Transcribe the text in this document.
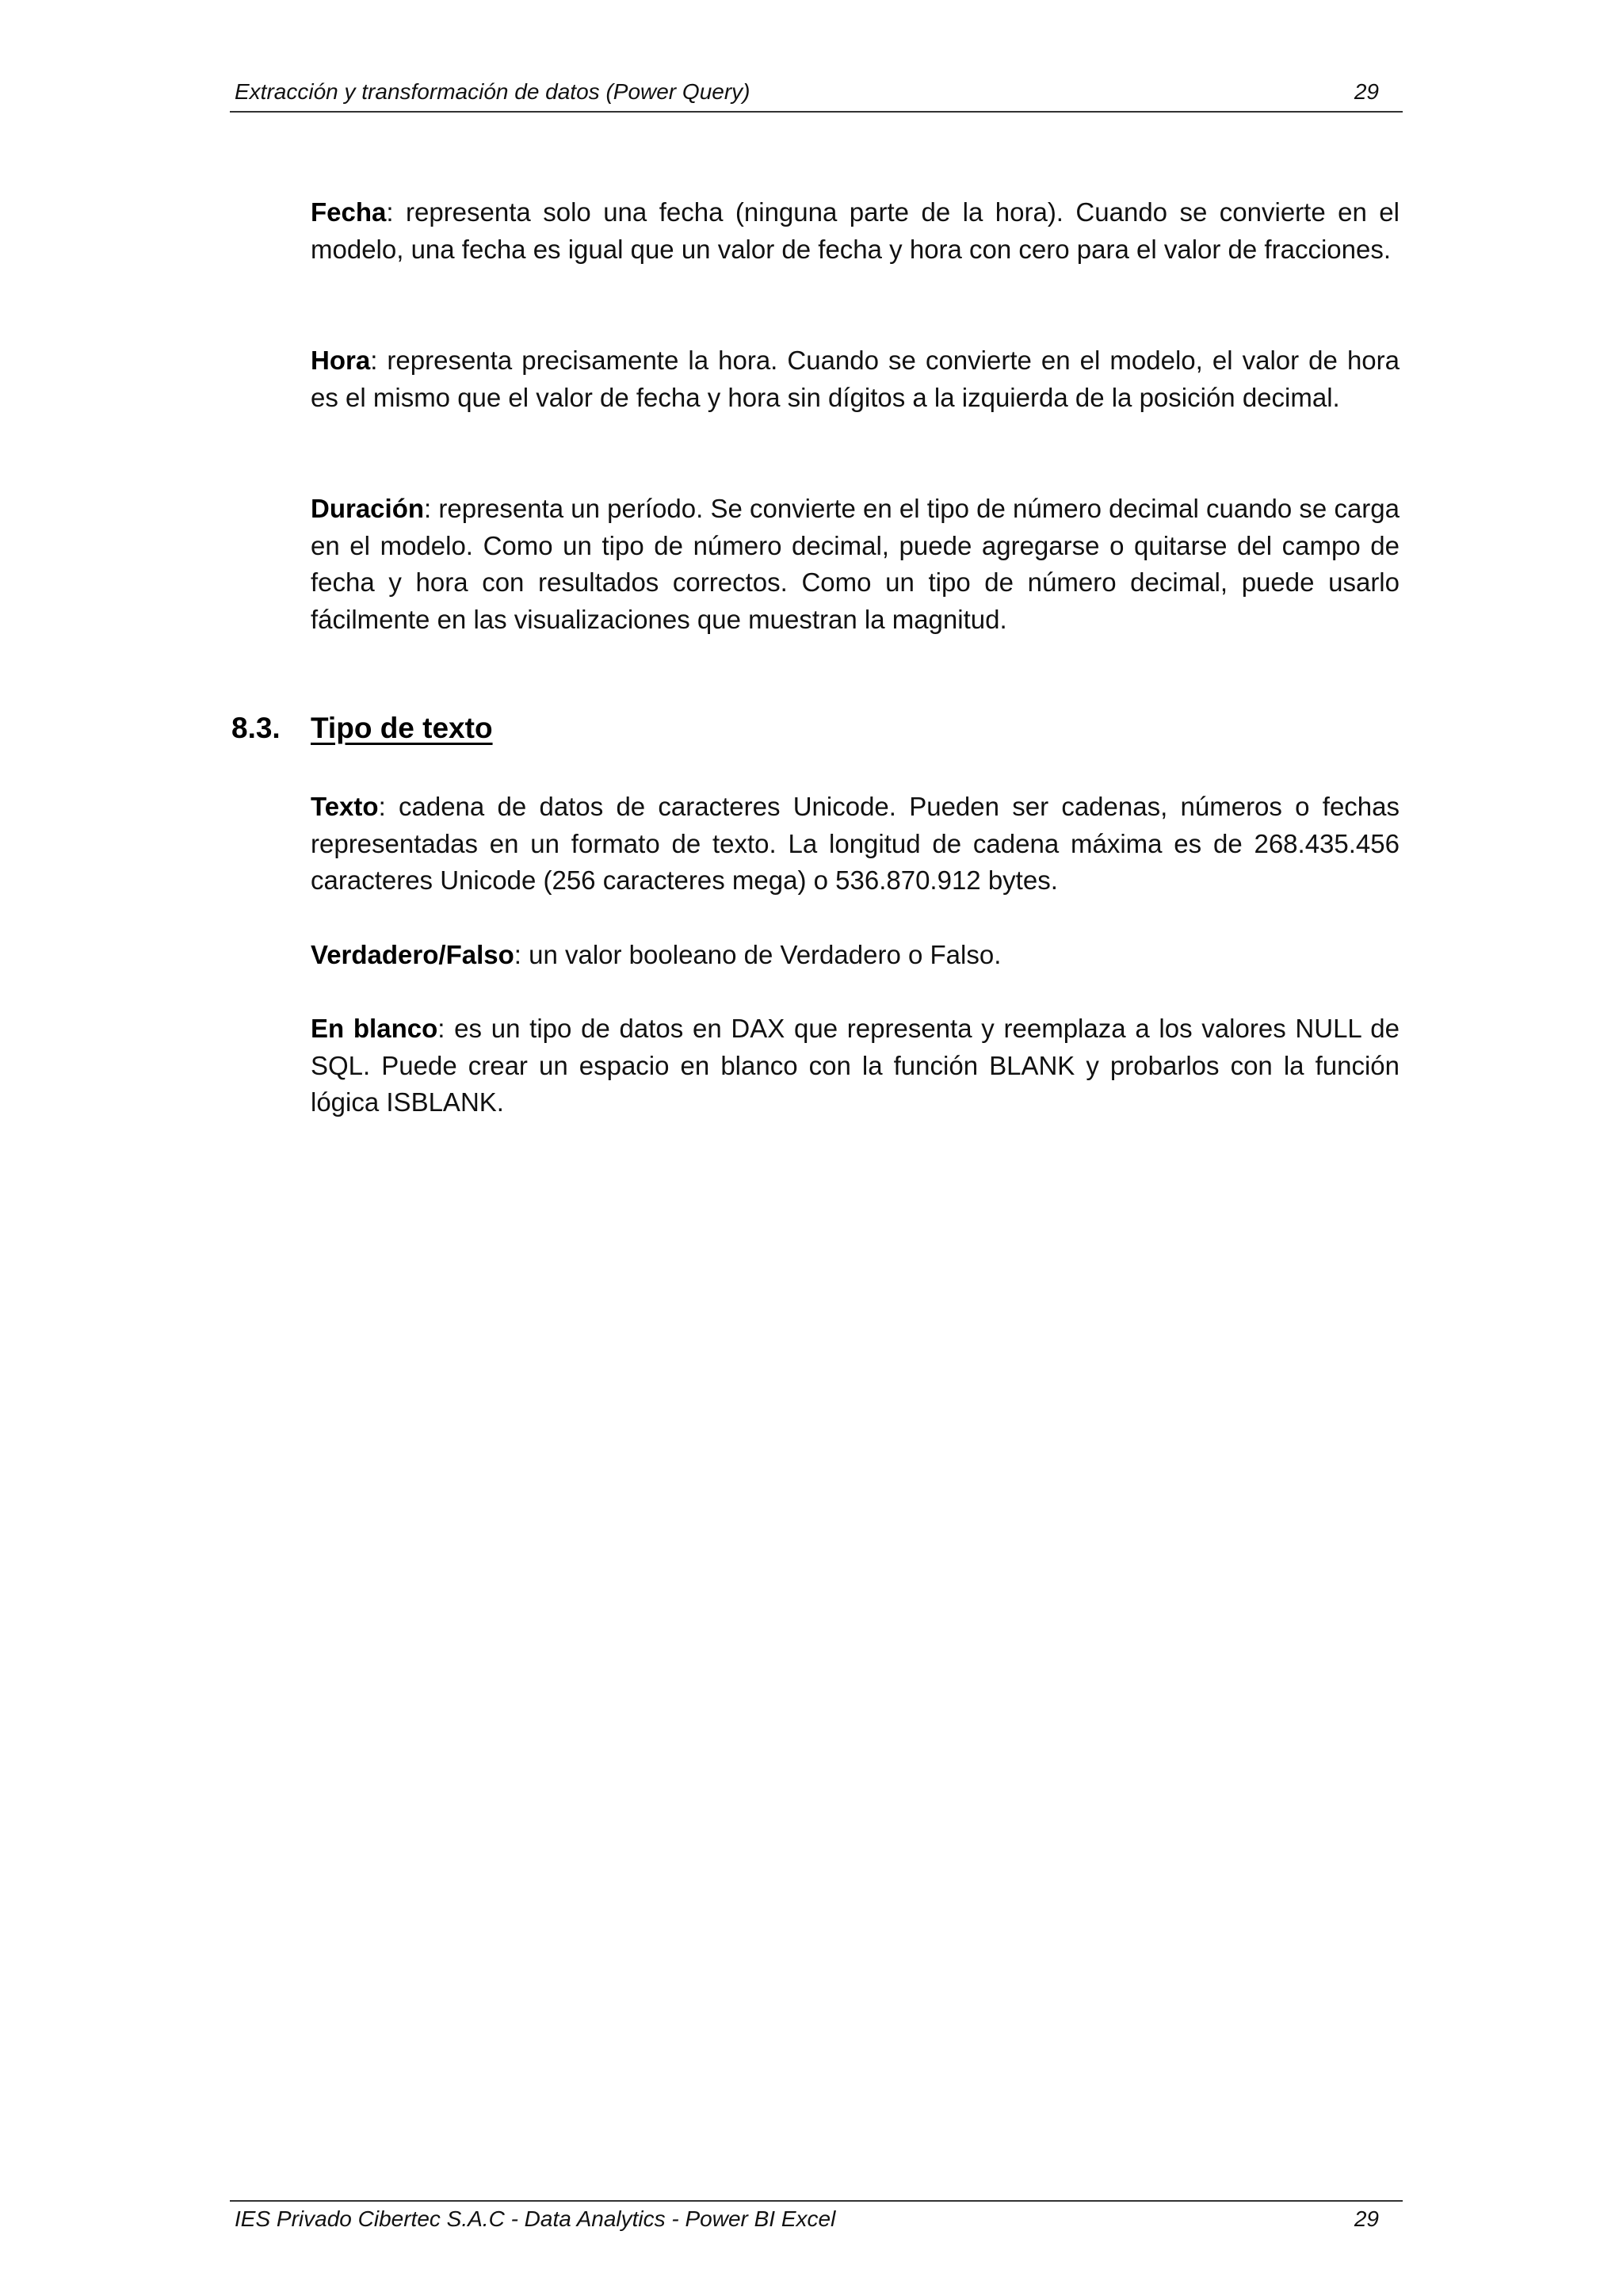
Extracción y transformación de datos (Power Query)	29

Fecha: representa solo una fecha (ninguna parte de la hora). Cuando se convierte en el modelo, una fecha es igual que un valor de fecha y hora con cero para el valor de fracciones.

Hora: representa precisamente la hora. Cuando se convierte en el modelo, el valor de hora es el mismo que el valor de fecha y hora sin dígitos a la izquierda de la posición decimal.

Duración: representa un período. Se convierte en el tipo de número decimal cuando se carga en el modelo. Como un tipo de número decimal, puede agregarse o quitarse del campo de fecha y hora con resultados correctos. Como un tipo de número decimal, puede usarlo fácilmente en las visualizaciones que muestran la magnitud.

8.3. Tipo de texto

Texto: cadena de datos de caracteres Unicode. Pueden ser cadenas, números o fechas representadas en un formato de texto. La longitud de cadena máxima es de 268.435.456 caracteres Unicode (256 caracteres mega) o 536.870.912 bytes.

Verdadero/Falso: un valor booleano de Verdadero o Falso.

En blanco: es un tipo de datos en DAX que representa y reemplaza a los valores NULL de SQL. Puede crear un espacio en blanco con la función BLANK y probarlos con la función lógica ISBLANK.

IES Privado Cibertec S.A.C - Data Analytics - Power BI Excel	29
